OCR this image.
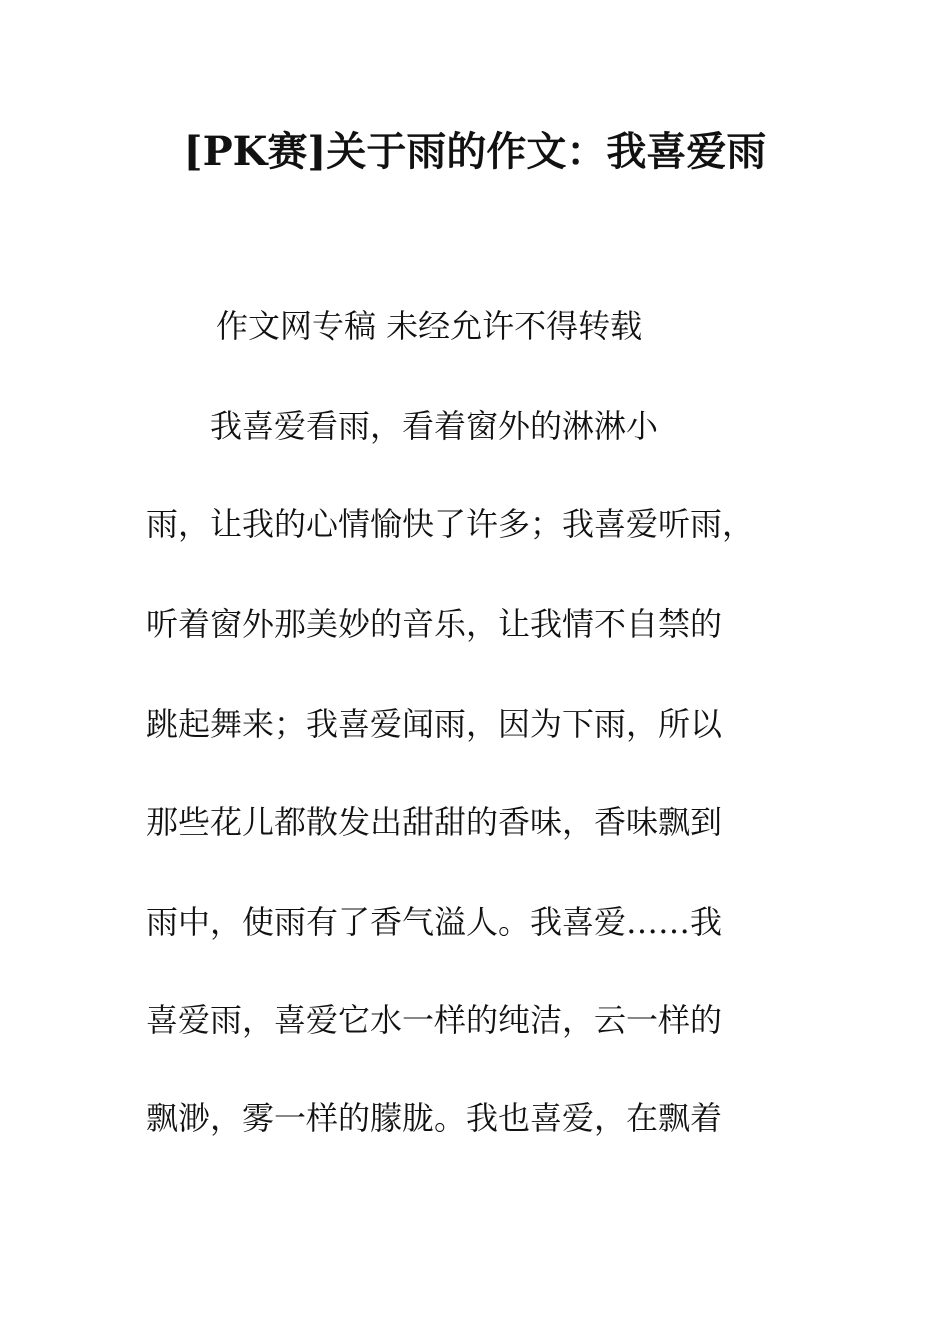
[PK赛]关于雨的作文：我喜爱雨
作文网专稿 未经允许不得转载
　　我喜爱看雨，看着窗外的淋淋小
雨，让我的心情愉快了许多；我喜爱听雨，
听着窗外那美妙的音乐，让我情不自禁的
跳起舞来；我喜爱闻雨，因为下雨，所以
那些花儿都散发出甜甜的香味，香味飘到
雨中，使雨有了香气溢人。我喜爱……我
喜爱雨，喜爱它水一样的纯洁，云一样的
飘渺，雾一样的朦胧。我也喜爱，在飘着
